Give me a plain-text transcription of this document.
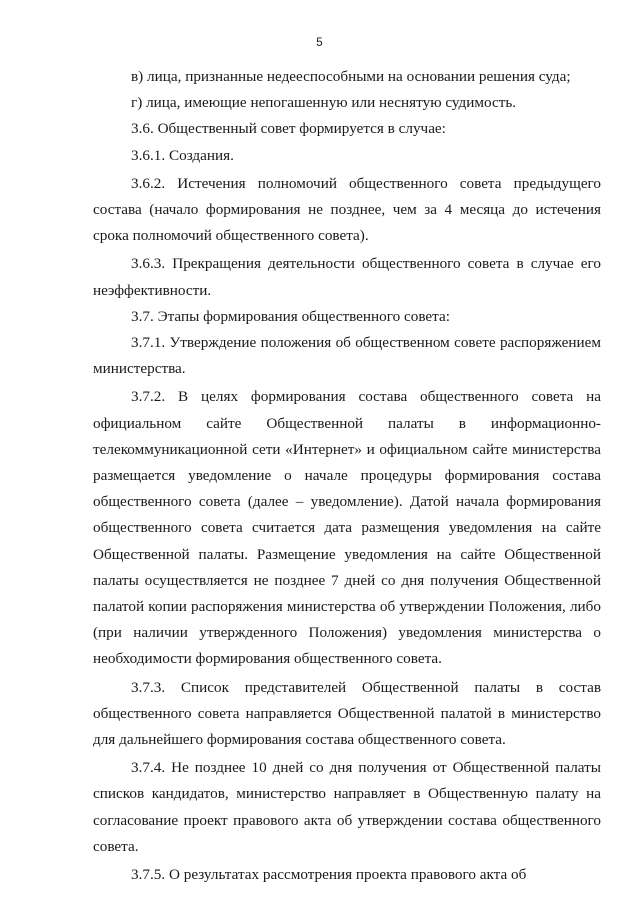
5

в) лица, признанные недееспособными на основании решения суда;

г) лица, имеющие непогашенную или неснятую судимость.

3.6. Общественный совет формируется в случае:

3.6.1. Создания.

3.6.2. Истечения полномочий общественного совета предыдущего состава (начало формирования не позднее, чем за 4 месяца до истечения срока полномочий общественного совета).

3.6.3. Прекращения деятельности общественного совета в случае его неэффективности.

3.7. Этапы формирования общественного совета:

3.7.1. Утверждение положения об общественном совете распоряжением министерства.

3.7.2. В целях формирования состава общественного совета на официальном сайте Общественной палаты в информационно-телекоммуникационной сети «Интернет» и официальном сайте министерства размещается уведомление о начале процедуры формирования состава общественного совета (далее – уведомление). Датой начала формирования общественного совета считается дата размещения уведомления на сайте Общественной палаты. Размещение уведомления на сайте Общественной палаты осуществляется не позднее 7 дней со дня получения Общественной палатой копии распоряжения министерства об утверждении Положения, либо (при наличии утвержденного Положения) уведомления министерства о необходимости формирования общественного совета.

3.7.3. Список представителей Общественной палаты в состав общественного совета направляется Общественной палатой в министерство для дальнейшего формирования состава общественного совета.

3.7.4. Не позднее 10 дней со дня получения от Общественной палаты списков кандидатов, министерство направляет в Общественную палату на согласование проект правового акта об утверждении состава общественного совета.

3.7.5. О результатах рассмотрения проекта правового акта об
